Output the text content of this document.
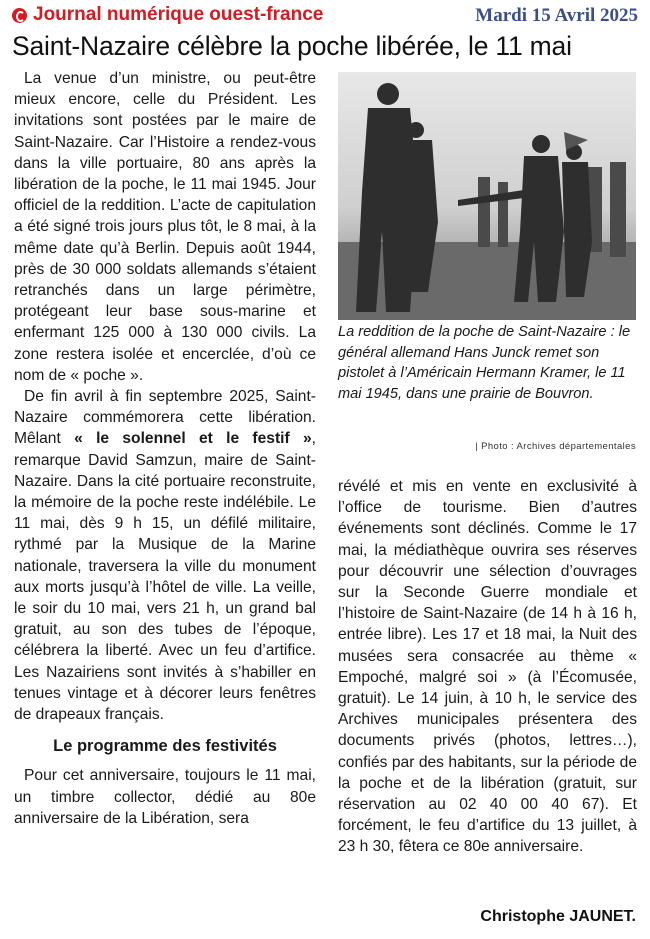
Journal numérique ouest-france	Mardi 15 Avril 2025
Saint-Nazaire célèbre la poche libérée, le 11 mai

La venue d’un ministre, ou peut-être mieux encore, celle du Président. Les invitations sont postées par le maire de Saint-Nazaire. Car l’Histoire a rendez-vous dans la ville portuaire, 80 ans après la libération de la poche, le 11 mai 1945. Jour officiel de la reddition. L’acte de capitulation a été signé trois jours plus tôt, le 8 mai, à la même date qu’à Berlin. Depuis août 1944, près de 30 000 soldats allemands s’étaient retranchés dans un large périmètre, protégeant leur base sous-marine et enfermant 125 000 à 130 000 civils. La zone restera isolée et encerclée, d’où ce nom de « poche ».

De fin avril à fin septembre 2025, Saint-Nazaire commémorera cette libération. Mêlant « le solennel et le festif », remarque David Samzun, maire de Saint-Nazaire. Dans la cité portuaire reconstruite, la mémoire de la poche reste indélébile. Le 11 mai, dès 9 h 15, un défilé militaire, rythmé par la Musique de la Marine nationale, traversera la ville du monument aux morts jusqu’à l’hôtel de ville. La veille, le soir du 10 mai, vers 21 h, un grand bal gratuit, au son des tubes de l’époque, célébrera la liberté. Avec un feu d’artifice. Les Nazairiens sont invités à s’habiller en tenues vintage et à décorer leurs fenêtres de drapeaux français.

Le programme des festivités

Pour cet anniversaire, toujours le 11 mai, un timbre collector, dédié au 80e anniversaire de la Libération, sera

La reddition de la poche de Saint-Nazaire : le général allemand Hans Junck remet son pistolet à l’Américain Hermann Kramer, le 11 mai 1945, dans une prairie de Bouvron.
| Photo : Archives départementales

révélé et mis en vente en exclusivité à l’office de tourisme. Bien d’autres événements sont déclinés. Comme le 17 mai, la médiathèque ouvrira ses réserves pour découvrir une sélection d’ouvrages sur la Seconde Guerre mondiale et l’histoire de Saint-Nazaire (de 14 h à 16 h, entrée libre). Les 17 et 18 mai, la Nuit des musées sera consacrée au thème « Empoché, malgré soi » (à l’Écomusée, gratuit). Le 14 juin, à 10 h, le service des Archives municipales présentera des documents privés (photos, lettres…), confiés par des habitants, sur la période de la poche et de la libération (gratuit, sur réservation au 02 40 00 40 67). Et forcément, le feu d’artifice du 13 juillet, à 23 h 30, fêtera ce 80e anniversaire.

Christophe JAUNET.
